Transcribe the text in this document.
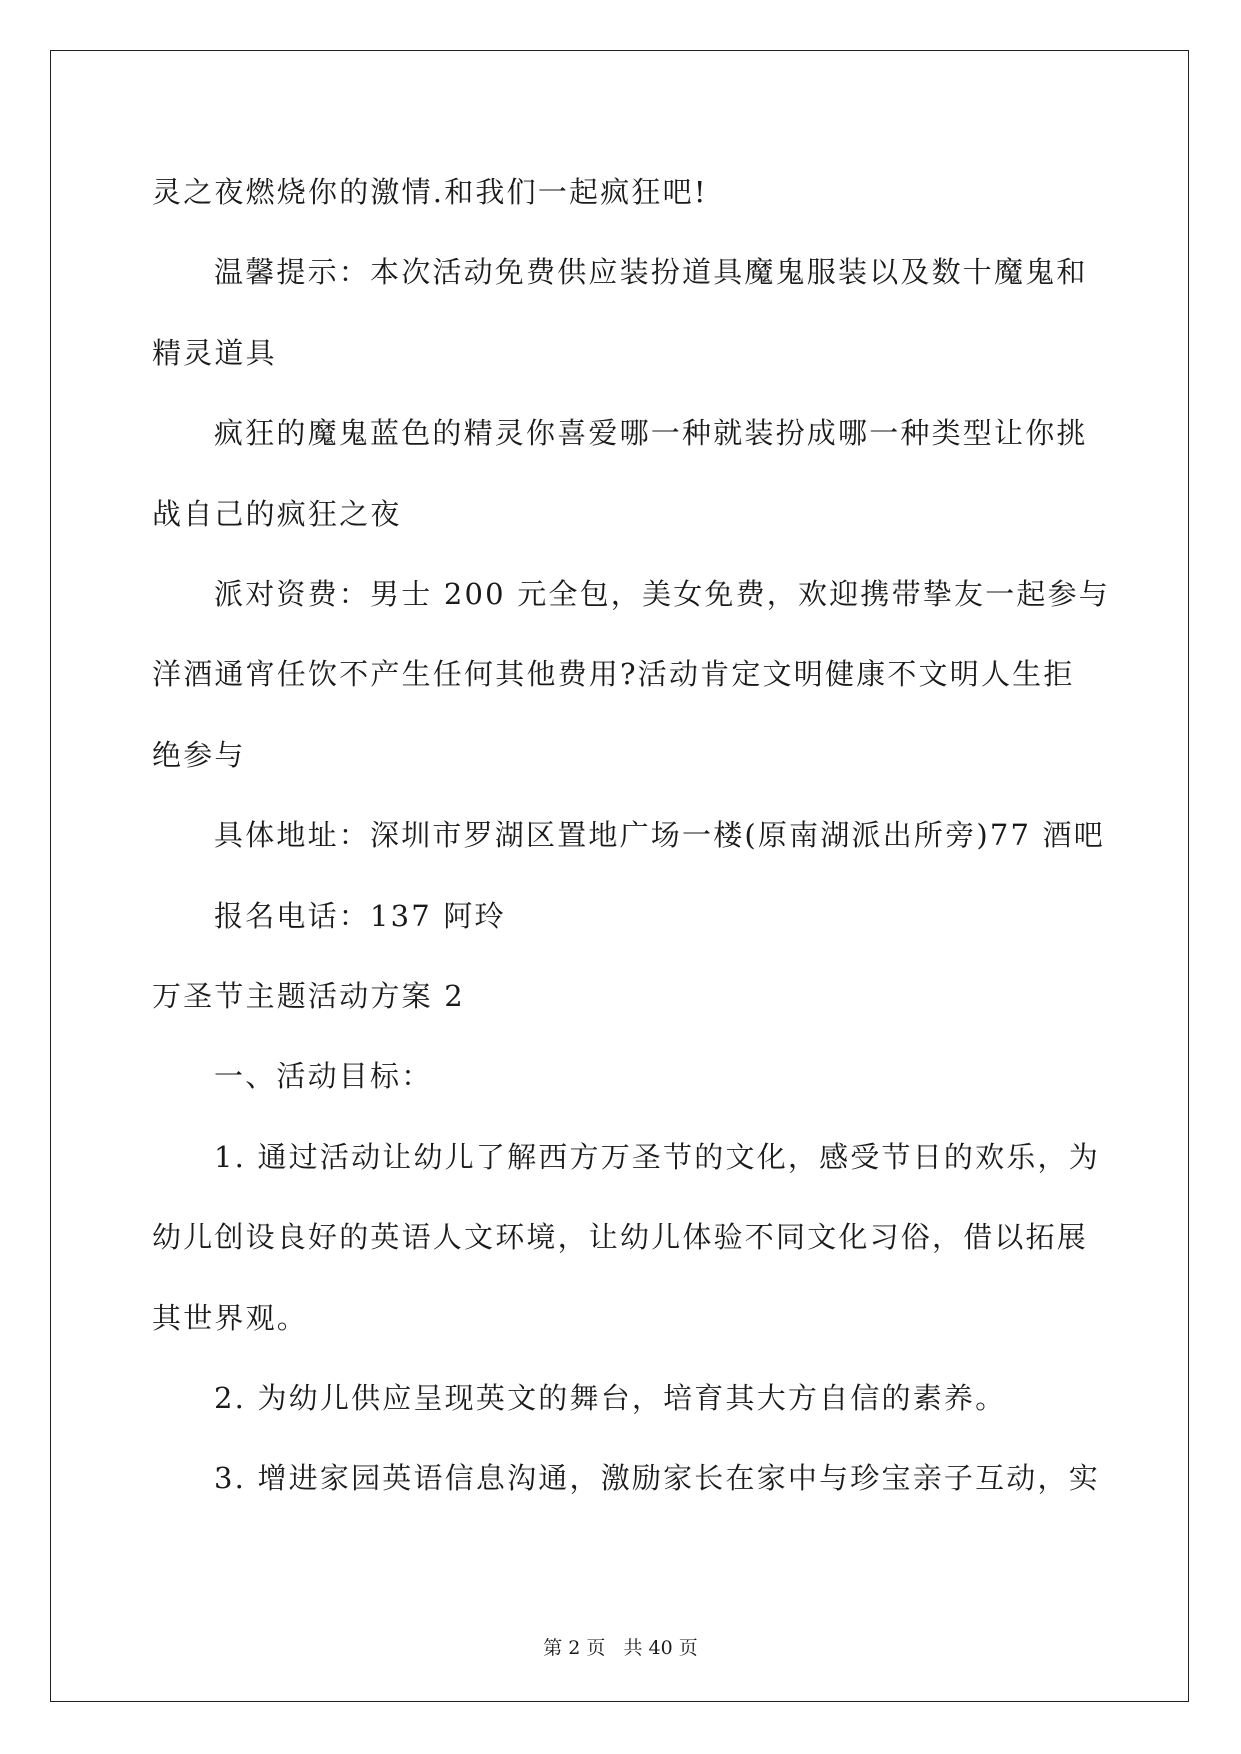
灵之夜燃烧你的激情.和我们一起疯狂吧!
温馨提示：本次活动免费供应装扮道具魔鬼服装以及数十魔鬼和
精灵道具
疯狂的魔鬼蓝色的精灵你喜爱哪一种就装扮成哪一种类型让你挑
战自己的疯狂之夜
派对资费：男士 200 元全包，美女免费，欢迎携带挚友一起参与
洋酒通宵任饮不产生任何其他费用?活动肯定文明健康不文明人生拒
绝参与
具体地址：深圳市罗湖区置地广场一楼(原南湖派出所旁)77 酒吧
报名电话：137 阿玲
万圣节主题活动方案 2
一、活动目标：
1. 通过活动让幼儿了解西方万圣节的文化，感受节日的欢乐，为
幼儿创设良好的英语人文环境，让幼儿体验不同文化习俗，借以拓展
其世界观。
2. 为幼儿供应呈现英文的舞台，培育其大方自信的素养。
3. 增进家园英语信息沟通，激励家长在家中与珍宝亲子互动，实
第 2 页   共 40 页
